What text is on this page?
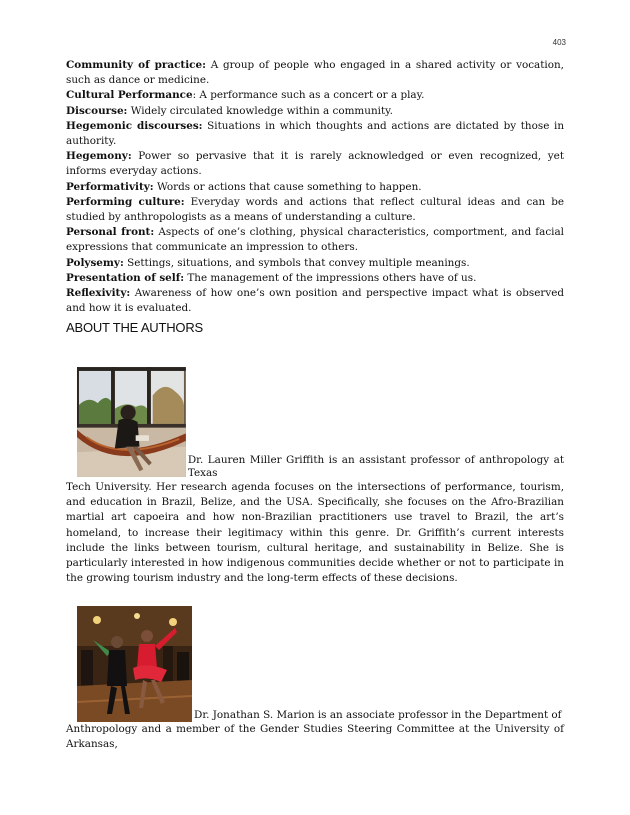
403

Community of practice: A group of people who engaged in a shared activity or vocation, such as dance or medicine.

Cultural Performance: A performance such as a concert or a play.

Discourse: Widely circulated knowledge within a community.

Hegemonic discourses: Situations in which thoughts and actions are dictated by those in authority.

Hegemony: Power so pervasive that it is rarely acknowledged or even recognized, yet informs everyday actions.

Performativity: Words or actions that cause something to happen.

Performing culture: Everyday words and actions that reflect cultural ideas and can be studied by anthropologists as a means of understanding a culture.

Personal front: Aspects of one’s clothing, physical characteristics, comportment, and facial expressions that communicate an impression to others.

Polysemy: Settings, situations, and symbols that convey multiple meanings.

Presentation of self: The management of the impressions others have of us.

Reflexivity: Awareness of how one’s own position and perspective impact what is observed and how it is evaluated.

ABOUT THE AUTHORS
Dr. Lauren Miller Griffith is an assistant professor of anthropology at Texas

Tech University. Her research agenda focuses on the intersections of performance, tourism, and education in Brazil, Belize, and the USA. Specifically, she focuses on the Afro-Brazilian martial art capoeira and how non-Brazilian practitioners use travel to Brazil, the art’s homeland, to increase their legitimacy within this genre. Dr. Griffith’s current interests include the links between tourism, cultural heritage, and sustainability in Belize. She is particularly interested in how indigenous communities decide whether or not to participate in the growing tourism industry and the long-term effects of these decisions.

Dr. Jonathan S. Marion is an associate professor in the Department of

Anthropology and a member of the Gender Studies Steering Committee at the University of Arkansas,
